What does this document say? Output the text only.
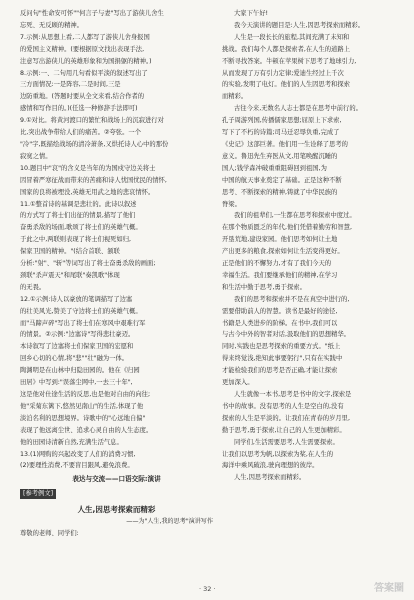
反问句"性命安可怀""何言子与妻"写出了游侠儿舍生
忘死、无反顾的精神。
7.示例:从思想上看,二人都写了游侠儿舍身报国
的爱国主义精神。(要根据原文找出表现手法,
注意写出游侠儿的英雄形象和为国捐躯的精神。)
8.示例:一、二句用几句看似平淡的叙述写出了
三方面情况:一是阵容,二是时间,三是
边防重地。(答题时要从全文来看,结合作者的
感情和写作目的。)(任选一种修辞手法即可)
9.①对比。将黄河渡口的繁忙和战场上的沉寂进行对
比,突出战争带给人们的痛苦。②夸张。一个
"冷"字,既描绘战场的清冷萧条,又烘托诗人心中的那份
寂寞之情。
10.题目中"哀"的含义是当年的为国戍守边关将士
因冒着严寒征战而带来的苦痛和诗人忧国忧民的情怀,
国家的良将被埋没,英雄无用武之地的悲哀情怀。
11.①整首诗的基调是悲壮的。此诗以叙述
的方式写了将士们出征的情景,描写了他们
奋勇杀敌的场面,歌颂了将士们的英雄气概。
于此之中,两联则表现了将士们视死如归,
保家卫国的精神。"(结合首联、颔联
分析:"射"、"斩"等词写出了将士奋勇杀敌的画面;
颈联"杀声震天"和尾联"奏凯歌"体现
的无畏。
12.①示例:诗人以豪放的笔调描写了边塞
的壮美风光,赞美了守边将士们的英雄气概。
而"马蹄声碎"写出了将士们在寒风中艰难行军
的情景。②示例:"边塞诗"写得悲壮豪迈。
本诗叙写了边塞将士们保家卫国的宏愿和
回乡心切的心情,将"悲""壮"融为一体。
陶渊明是在山林中归隐田园的。他在《归园
田居》中写到:"误落尘网中,一去三十年",
这是他对仕途生活的反思,也是他对自由的向往;
他"采菊东篱下,悠然见南山"的生活,体现了他
淡泊名利的思想境界。诗歌中的"心远地自偏"
表现了他远离尘世、追求心灵自由的人生态度。
他的田园诗清新自然,充满生活气息。
13.(1)网购的兴起改变了人们的消费习惯,
(2)要理性消费,不要盲目跟风,避免浪费。
表达与交流——口语交际:演讲
[参考例文]
人生,因思考探索而精彩
——为"人生,我的思考"演讲写作
尊敬的老师、同学们:
大家下午好!
我今天演讲的题目是:人生,因思考探索而精彩。
人生是一段长长的旅程,其间充满了未知和
挑战。我们每个人都是探索者,在人生的道路上
不断寻找答案。牛顿在苹果树下思考了地球引力,
从而发现了万有引力定律;爱迪生经过上千次
的实验,发明了电灯。他们的人生因思考和探索
而精彩。
古往今来,无数名人志士都是在思考中前行的。
孔子周游列国,传播儒家思想;屈原上下求索,
写下了不朽的诗篇;司马迁忍辱负重,完成了
《史记》这部巨著。他们用一生诠释了思考的
意义。鲁迅先生弃医从文,用笔唤醒沉睡的
国人;钱学森冲破重重阻碍回到祖国,为
中国的航天事业奠定了基础。正是这种不断
思考、不断探索的精神,铸就了中华民族的
脊梁。
我们的祖辈们,一生都在思考和探索中度过。
在那个物质匮乏的年代,他们凭借着勤劳和智慧,
开垦荒地,建设家园。他们思考如何让土地
产出更多的粮食,探索如何让生活变得更好。
正是他们的不懈努力,才有了我们今天的
幸福生活。我们要继承他们的精神,在学习
和生活中勤于思考,勇于探索。
我们的思考和探索并不是在真空中进行的,
需要借助前人的智慧。读书是最好的途径,
书籍是人类进步的阶梯。在书中,我们可以
与古今中外的智者对话,汲取他们的思想精华。
同时,实践也是思考探索的重要方式。"纸上
得来终觉浅,绝知此事要躬行",只有在实践中
才能检验我们的思考是否正确,才能让探索
更加深入。
人生就像一本书,思考是书中的文字,探索是
书中的故事。没有思考的人生是空白的,没有
探索的人生是平淡的。让我们在青春的岁月里,
勤于思考,勇于探索,让自己的人生更加精彩。
同学们,生活需要思考,人生需要探索。
让我们以思考为帆,以探索为桨,在人生的
海洋中乘风破浪,驶向理想的彼岸。
人生,因思考探索而精彩。
· 32 ·	答案圈
